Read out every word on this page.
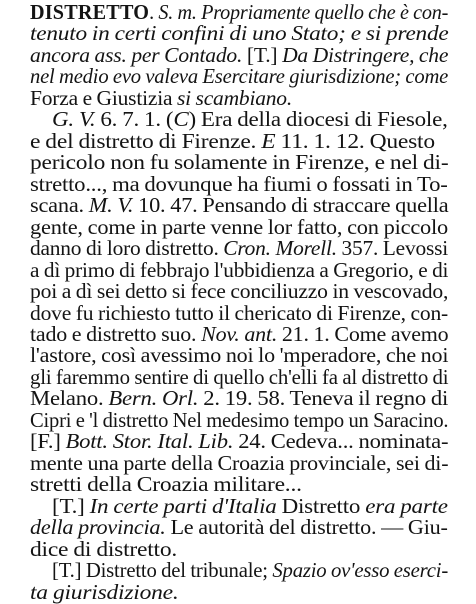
DISTRETTO. S. m. Propriamente quello che è con-
tenuto in certi confini di uno Stato; e si prende
ancora ass. per Contado. [T.] Da Distringere, che
nel medio evo valeva Esercitare giurisdizione; come
Forza e Giustizia si scambiano.
G. V. 6. 7. 1. (C) Era della diocesi di Fiesole,
e del distretto di Firenze. E 11. 1. 12. Questo
pericolo non fu solamente in Firenze, e nel di-
stretto..., ma dovunque ha fiumi o fossati in To-
scana. M. V. 10. 47. Pensando di straccare quella
gente, come in parte venne lor fatto, con piccolo
danno di loro distretto. Cron. Morell. 357. Levossi
a dì primo di febbrajo l'ubbidienza a Gregorio, e di
poi a dì sei detto si fece conciliuzzo in vescovado,
dove fu richiesto tutto il chericato di Firenze, con-
tado e distretto suo. Nov. ant. 21. 1. Come avemo
l'astore, così avessimo noi lo 'mperadore, che noi
gli faremmo sentire di quello ch'elli fa al distretto di
Melano. Bern. Orl. 2. 19. 58. Teneva il regno di
Cipri e 'l distretto Nel medesimo tempo un Saracino.
[F.] Bott. Stor. Ital. Lib. 24. Cedeva... nominata-
mente una parte della Croazia provinciale, sei di-
stretti della Croazia militare...
[T.] In certe parti d'Italia Distretto era parte
della provincia. Le autorità del distretto. — Giu-
dice di distretto.
[T.] Distretto del tribunale; Spazio ov'esso eserci-
ta giurisdizione.
